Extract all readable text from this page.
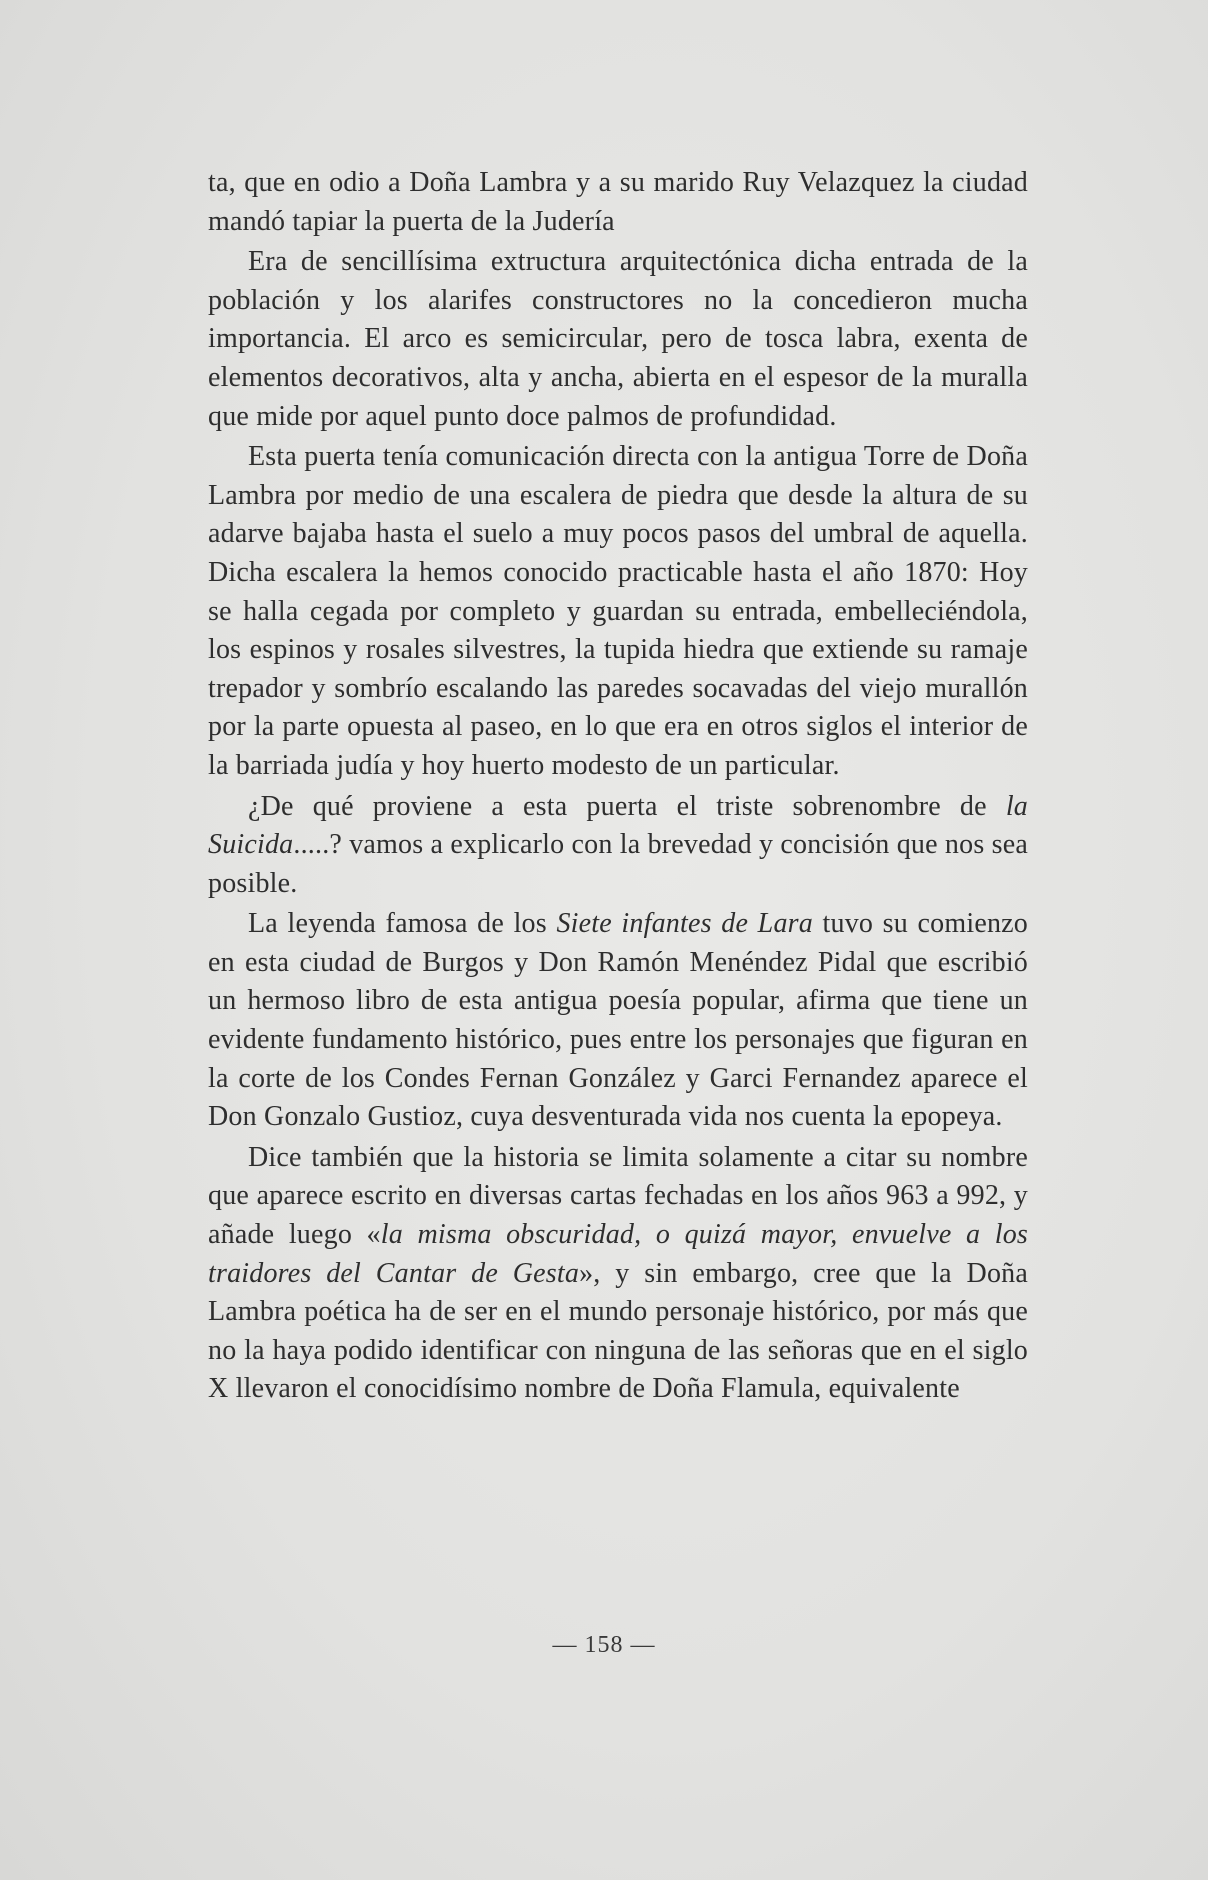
ta, que en odio a Doña Lambra y a su marido Ruy Velazquez la ciudad mandó tapiar la puerta de la Judería

Era de sencillísima extructura arquitectónica dicha entrada de la población y los alarifes constructores no la concedieron mucha importancia. El arco es semicircular, pero de tosca labra, exenta de elementos decorativos, alta y ancha, abierta en el espesor de la muralla que mide por aquel punto doce palmos de profundidad.

Esta puerta tenía comunicación directa con la antigua Torre de Doña Lambra por medio de una escalera de piedra que desde la altura de su adarve bajaba hasta el suelo a muy pocos pasos del umbral de aquella. Dicha escalera la hemos conocido practicable hasta el año 1870: Hoy se halla cegada por completo y guardan su entrada, embelleciéndola, los espinos y rosales silvestres, la tupida hiedra que extiende su ramaje trepador y sombrío escalando las paredes socavadas del viejo murallón por la parte opuesta al paseo, en lo que era en otros siglos el interior de la barriada judía y hoy huerto modesto de un particular.

¿De qué proviene a esta puerta el triste sobrenombre de la Suicida.....? vamos a explicarlo con la brevedad y concisión que nos sea posible.

La leyenda famosa de los Siete infantes de Lara tuvo su comienzo en esta ciudad de Burgos y Don Ramón Menéndez Pidal que escribió un hermoso libro de esta antigua poesía popular, afirma que tiene un evidente fundamento histórico, pues entre los personajes que figuran en la corte de los Condes Fernan González y Garci Fernandez aparece el Don Gonzalo Gustioz, cuya desventurada vida nos cuenta la epopeya.

Dice también que la historia se limita solamente a citar su nombre que aparece escrito en diversas cartas fechadas en los años 963 a 992, y añade luego «la misma obscuridad, o quizá mayor, envuelve a los traidores del Cantar de Gesta», y sin embargo, cree que la Doña Lambra poética ha de ser en el mundo personaje histórico, por más que no la haya podido identificar con ninguna de las señoras que en el siglo X llevaron el conocidísimo nombre de Doña Flamula, equivalente

— 158 —
